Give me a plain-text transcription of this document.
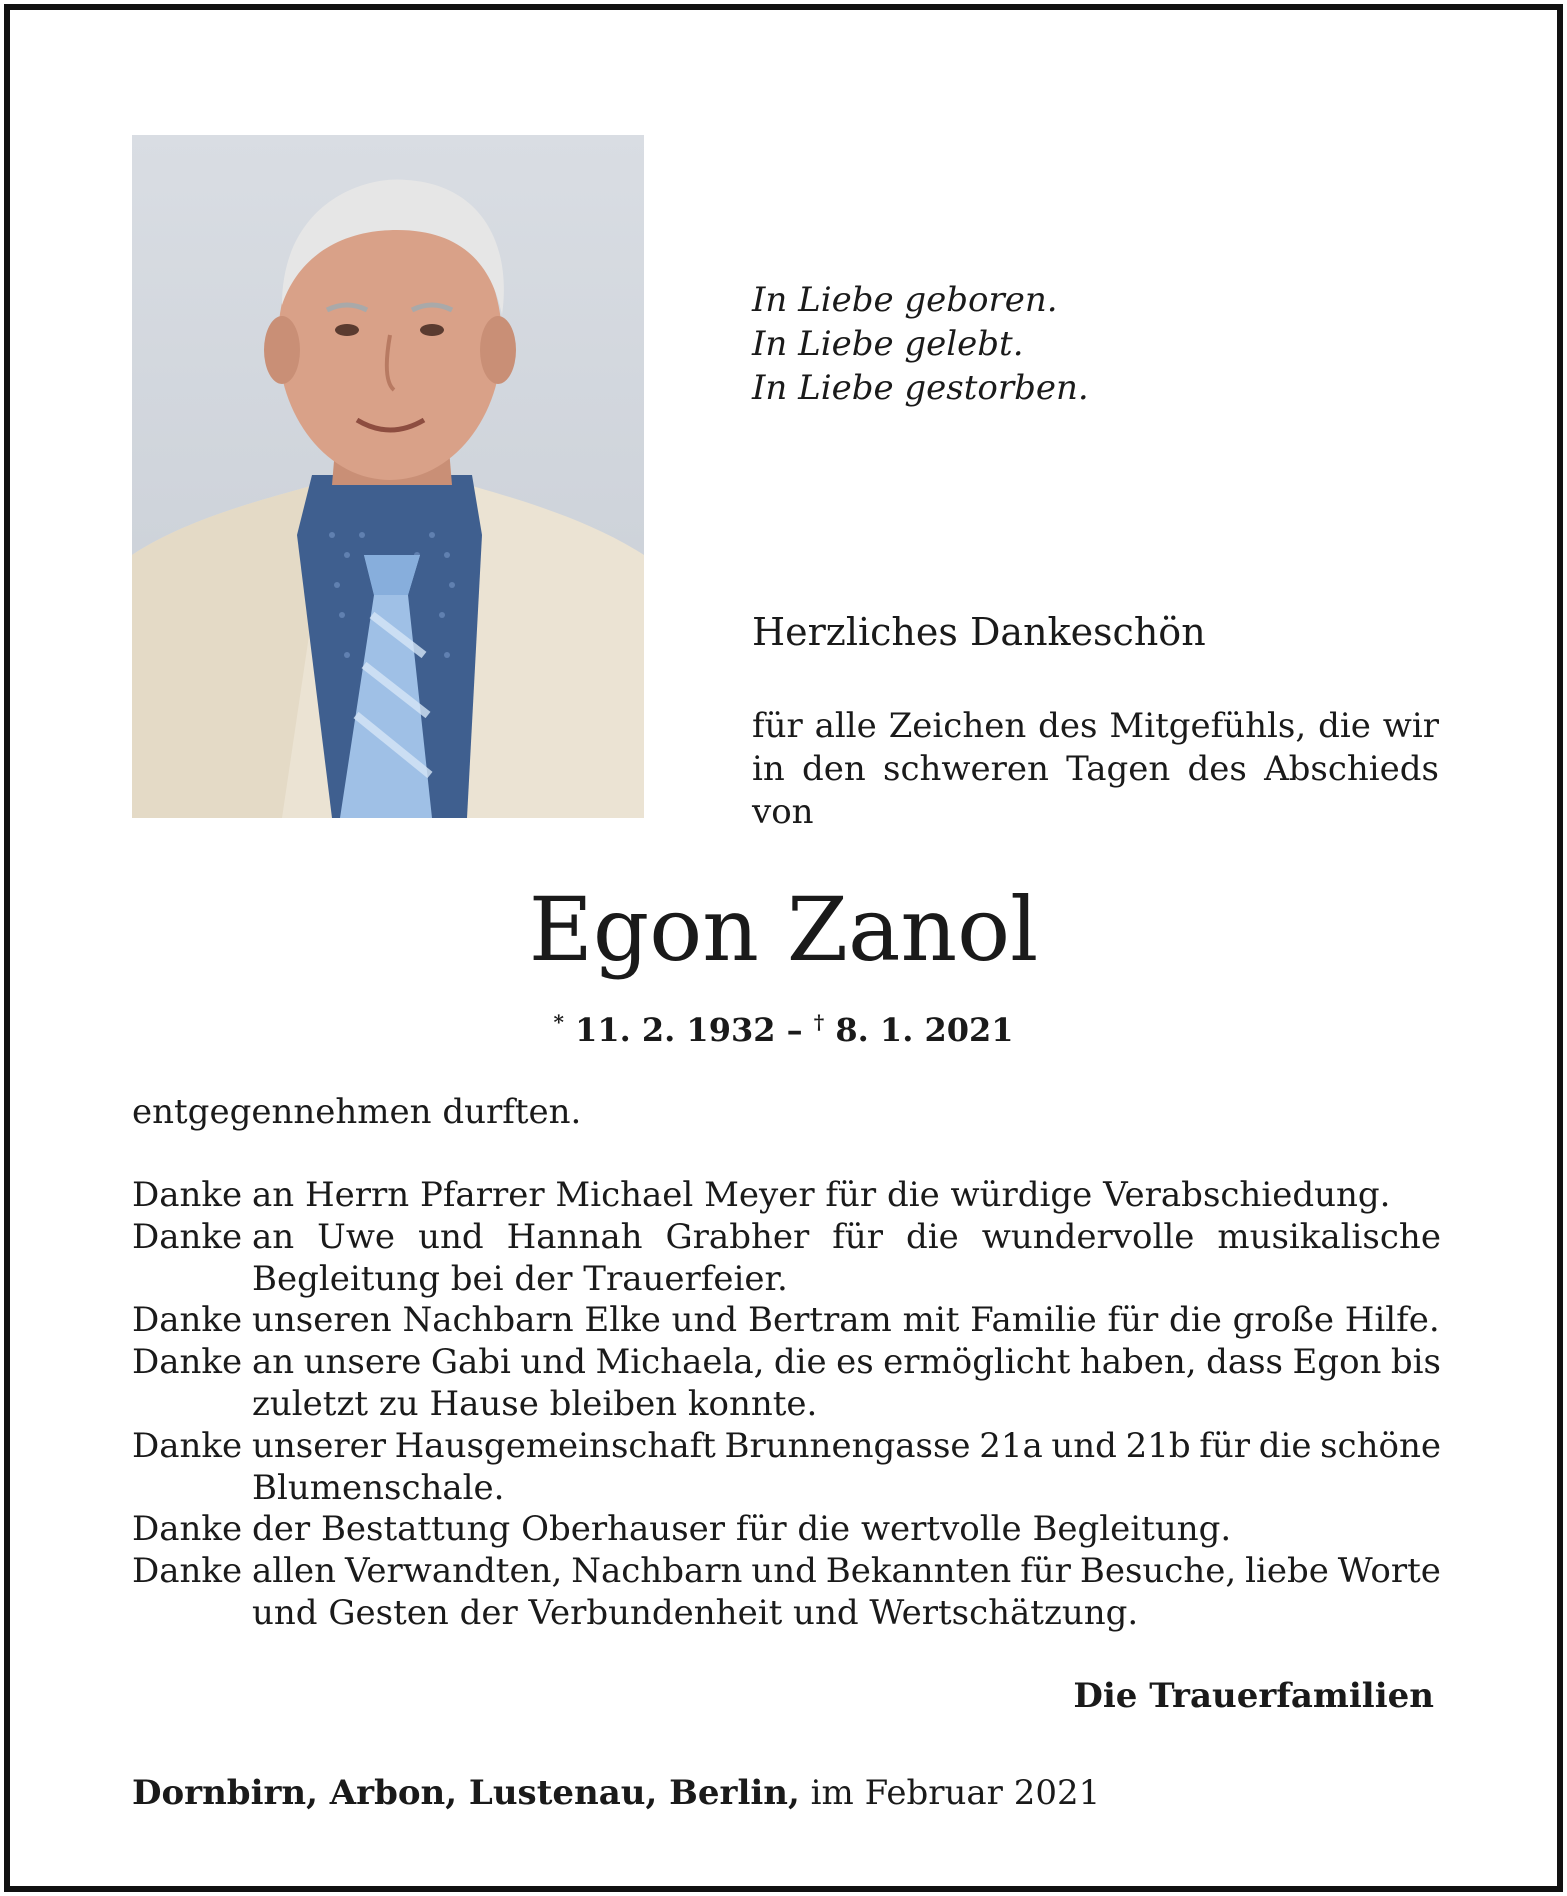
In Liebe geboren.
In Liebe gelebt.
In Liebe gestorben.
Herzliches Dankeschön
für alle Zeichen des Mitgefühls, die wir
in den schweren Tagen des Abschieds
von
Egon Zanol
* 11. 2. 1932 – † 8. 1. 2021
entgegennehmen durften.
Danke an Herrn Pfarrer Michael Meyer für die würdige Verabschiedung.
Danke an Uwe und Hannah Grabher für die wundervolle musikalische
Begleitung bei der Trauerfeier.
Danke unseren Nachbarn Elke und Bertram mit Familie für die große Hilfe.
Danke an unsere Gabi und Michaela, die es ermöglicht haben, dass Egon bis
zuletzt zu Hause bleiben konnte.
Danke unserer Hausgemeinschaft Brunnengasse 21a und 21b für die schöne
Blumenschale.
Danke der Bestattung Oberhauser für die wertvolle Begleitung.
Danke allen Verwandten, Nachbarn und Bekannten für Besuche, liebe Worte
und Gesten der Verbundenheit und Wertschätzung.
Die Trauerfamilien
Dornbirn, Arbon, Lustenau, Berlin, im Februar 2021
